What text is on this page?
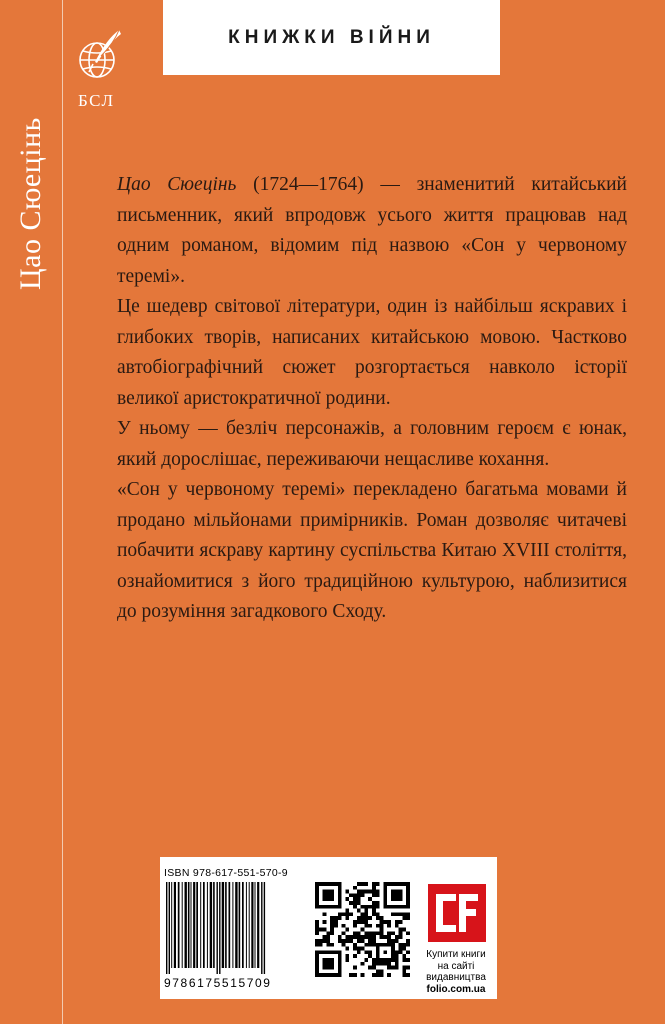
Цао Сюецінь
БСЛ
КНИЖКИ ВІЙНИ

Цао Сюецінь (1724—1764) — знаменитий китайський письменник, який впродовж усього життя працював над одним романом, відомим під назвою «Сон у червоному теремі».

Це шедевр світової літератури, один із найбільш яскравих і глибоких творів, написаних китайською мовою. Частково автобіографічний сюжет розгортається навколо історії великої аристократичної родини.

У ньому — безліч персонажів, а головним героєм є юнак, який дорослішає, переживаючи нещасливе кохання.

«Сон у червоному теремі» перекладено багатьма мовами й продано мільйонами примірників. Роман дозволяє читачеві побачити яскраву картину суспільства Китаю XVIII століття, ознайомитися з його традиційною культурою, наблизитися до розуміння загадкового Сходу.

ISBN 978-617-551-570-9
9786175515709
Купити книги
на сайті
видавництва
folio.com.ua
